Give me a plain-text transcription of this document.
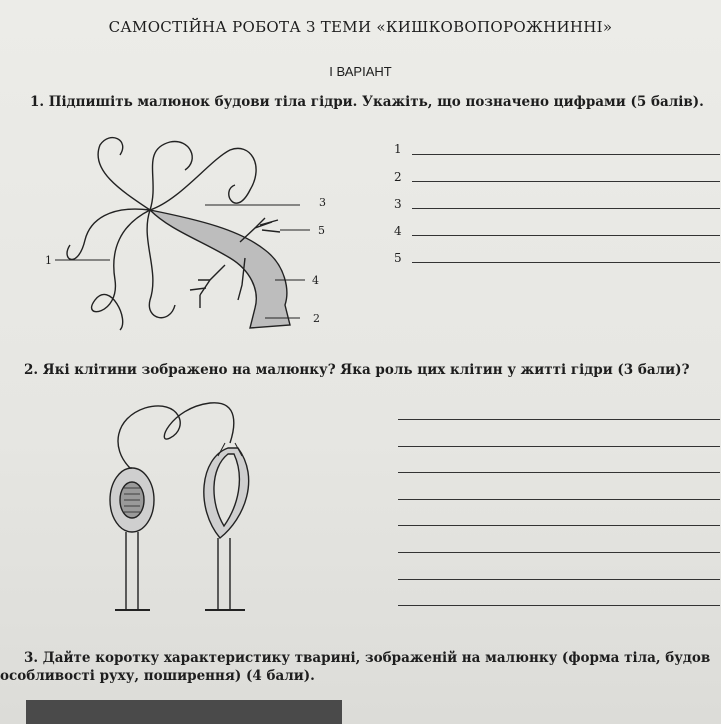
САМОСТІЙНА РОБОТА З ТЕМИ «КИШКОВОПОРОЖНИННІ»
І ВАРІАНТ
1. Підпишіть малюнок будови тіла гідри. Укажіть, що позначено цифрами (5 балів).
3
5
1
4
2
1
2
3
4
5
2. Які клітини зображено на малюнку? Яка роль цих клітин у житті гідри (3 бали)?
3. Дайте коротку характеристику тварині, зображеній на малюнку (форма тіла, будов
особливості руху, поширення) (4 бали).
